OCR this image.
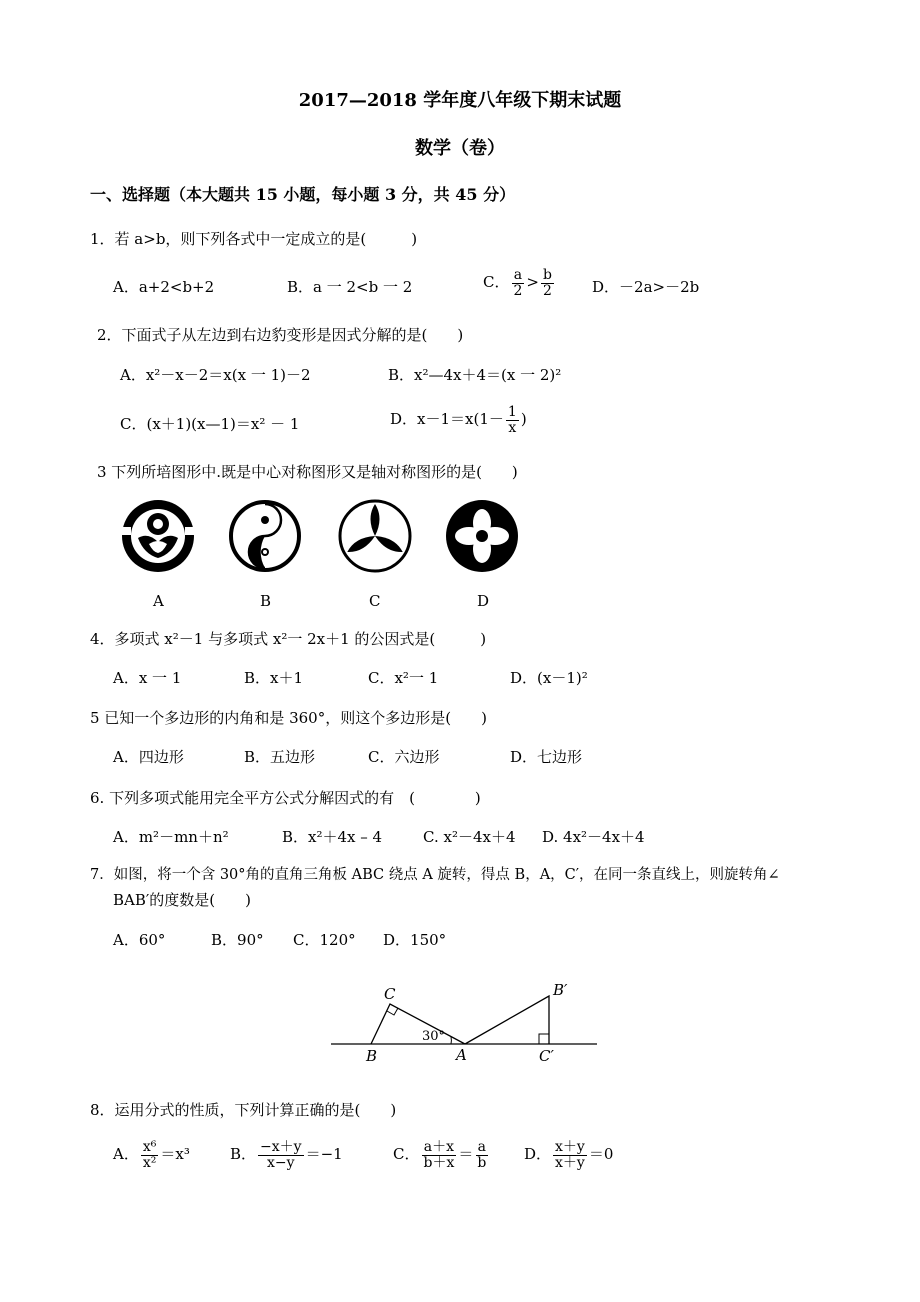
2017—2018 学年度八年级下期末试题
数学（卷）
一、选择题（本大题共 15 小题，每小题 3 分，共 45 分）
1．若 a>b，则下列各式中一定成立的是(　　　)
A．a+2<b+2	B．a 一 2<b 一 2	C． $\frac{a}{2} > \frac{b}{2}$	D．－2a>－2b
2．下面式子从左边到右边豹变形是因式分解的是(　　)
A．x²－x－2＝x(x 一 1)－2	B．x²—4x＋4＝(x 一 2)²
C．(x＋1)(x—1)＝x² － 1	D．$x-1=x(1- \frac{1}{x}$ )
3 下列所培图形中.既是中心对称图形又是轴对称图形的是(　　)
A	B	C	D
4．多项式 x²－1 与多项式 x²一 2x＋1 的公因式是(　　　)
A．x 一 1	B．x＋1	C．x²一 1	D．(x－1)²
5 已知一个多边形的内角和是 360°，则这个多边形是(　　)
A．四边形	B．五边形	C．六边形	D．七边形
6. 下列多项式能用完全平方公式分解因式的有　(　　　　)
A．m²－mn＋n²	B．x²＋4x – 4	C. x²－4x＋4 D. 4x²－4x＋4
7．如图，将一个含 30°角的直角三角板 ABC 绕点 A 旋转，得点 B，A，C′，在同一条直线上，则旋转角∠
BAB′的度数是(　　)
A．60°	B．90° C．120° D．150°
C
B	A
30°
B′
C′
8．运用分式的性质，下列计算正确的是(　　)
A． $\frac{\text{x⁶}}{\text{x²}} =x^3$	B． $\frac{-x+y}{x-y} =-1$	C． $\frac{a+x}{b+x} = \frac{a}{b}$ D． $\frac{x+y}{x+y} =0$
